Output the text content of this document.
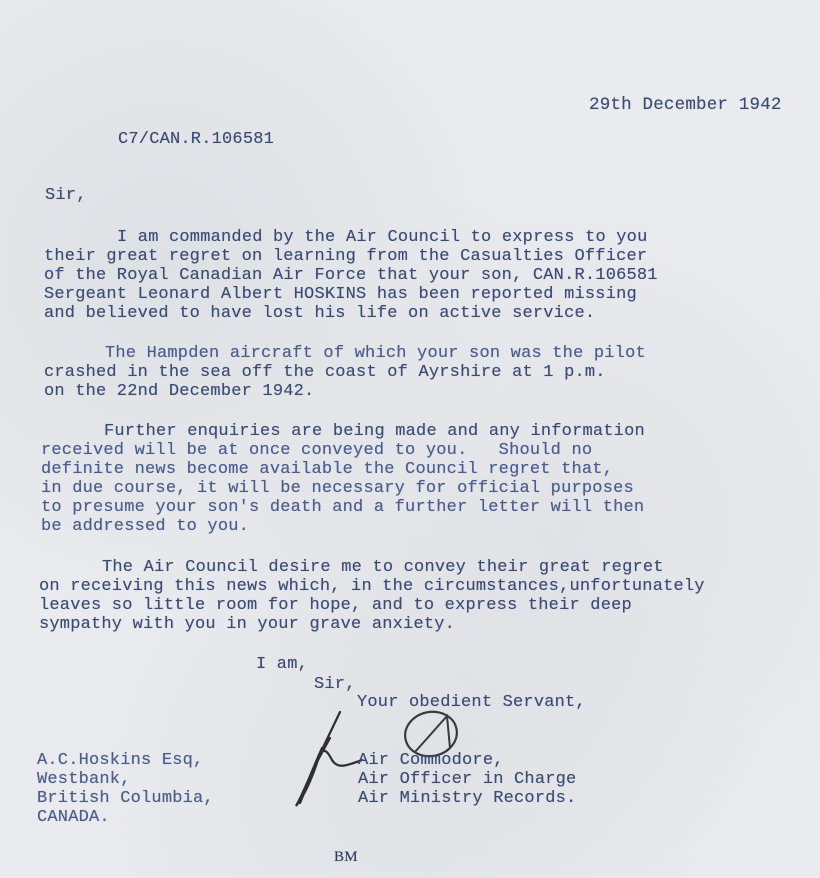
29th December 1942
C7/CAN.R.106581
Sir,
I am commanded by the Air Council to express to you
their great regret on learning from the Casualties Officer
of the Royal Canadian Air Force that your son, CAN.R.106581
Sergeant Leonard Albert HOSKINS has been reported missing
and believed to have lost his life on active service.
The Hampden aircraft of which your son was the pilot
crashed in the sea off the coast of Ayrshire at 1 p.m.
on the 22nd December 1942.
Further enquiries are being made and any information
received will be at once conveyed to you.   Should no
definite news become available the Council regret that,
in due course, it will be necessary for official purposes
to presume your son's death and a further letter will then
be addressed to you.
The Air Council desire me to convey their great regret
on receiving this news which, in the circumstances,unfortunately
leaves so little room for hope, and to express their deep
sympathy with you in your grave anxiety.
I am,
Sir,
Your obedient Servant,
Air Commodore,
Air Officer in Charge
Air Ministry Records.
A.C.Hoskins Esq,
Westbank,
British Columbia,
CANADA.
BM
